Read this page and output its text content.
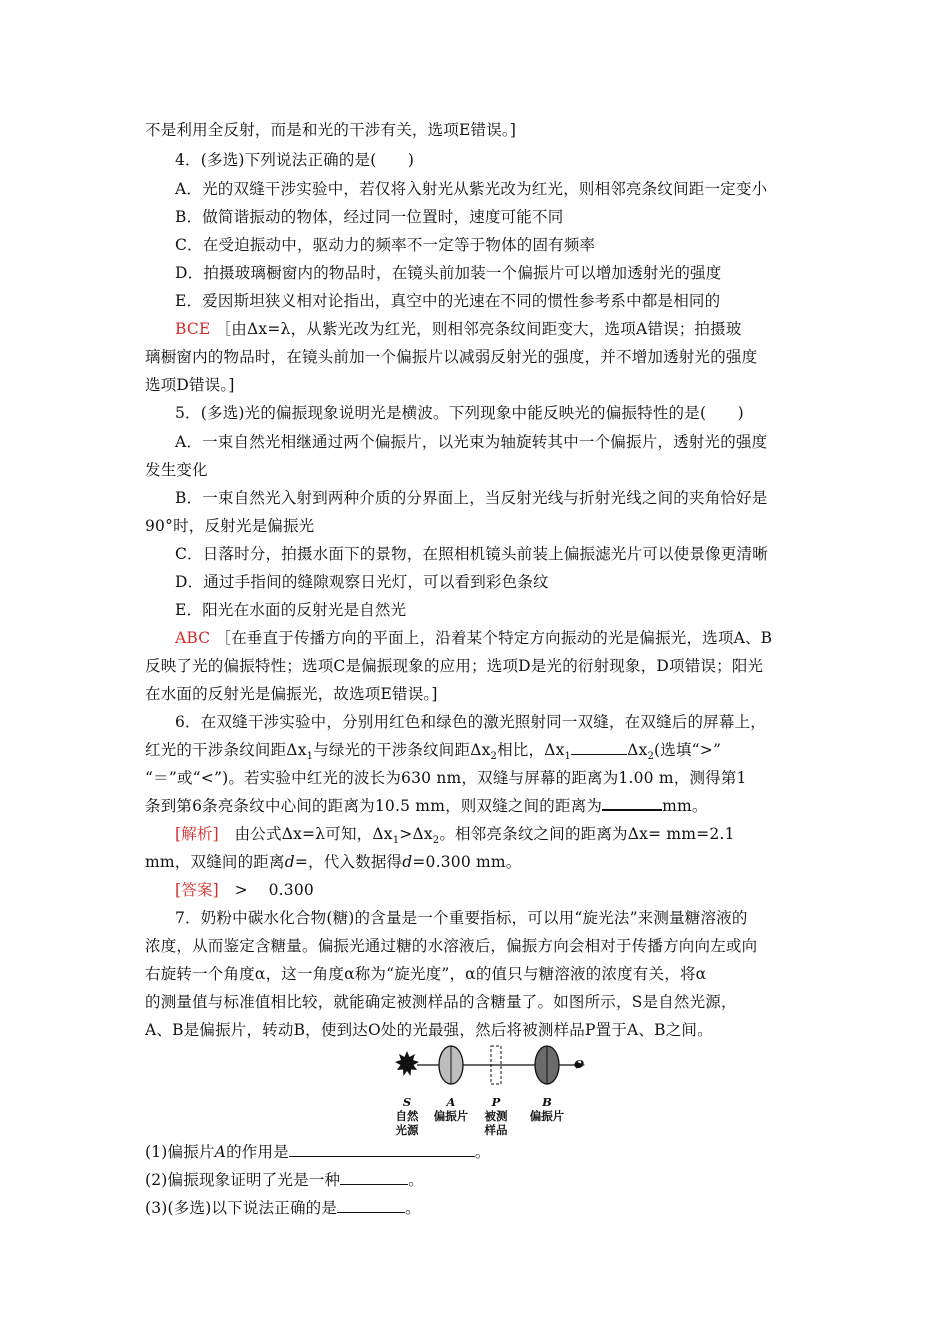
不是利用全反射，而是和光的干涉有关，选项E错误。]
4．(多选)下列说法正确的是(　　)
A．光的双缝干涉实验中，若仅将入射光从紫光改为红光，则相邻亮条纹间距一定变小
B．做简谐振动的物体，经过同一位置时，速度可能不同
C．在受迫振动中，驱动力的频率不一定等于物体的固有频率
D．拍摄玻璃橱窗内的物品时，在镜头前加装一个偏振片可以增加透射光的强度
E．爱因斯坦狭义相对论指出，真空中的光速在不同的惯性参考系中都是相同的
BCE ［由Δx=λ，从紫光改为红光，则相邻亮条纹间距变大，选项A错误；拍摄玻
璃橱窗内的物品时，在镜头前加一个偏振片以减弱反射光的强度，并不增加透射光的强度
选项D错误。]
5．(多选)光的偏振现象说明光是横波。下列现象中能反映光的偏振特性的是(　　)
A．一束自然光相继通过两个偏振片，以光束为轴旋转其中一个偏振片，透射光的强度
发生变化
B．一束自然光入射到两种介质的分界面上，当反射光线与折射光线之间的夹角恰好是
90°时，反射光是偏振光
C．日落时分，拍摄水面下的景物，在照相机镜头前装上偏振滤光片可以使景像更清晰
D．通过手指间的缝隙观察日光灯，可以看到彩色条纹
E．阳光在水面的反射光是自然光
ABC ［在垂直于传播方向的平面上，沿着某个特定方向振动的光是偏振光，选项A、B
反映了光的偏振特性；选项C是偏振现象的应用；选项D是光的衍射现象，D项错误；阳光
在水面的反射光是偏振光，故选项E错误。]
6．在双缝干涉实验中，分别用红色和绿色的激光照射同一双缝，在双缝后的屏幕上，
红光的干涉条纹间距$\Delta x_1$与绿光的干涉条纹间距$\Delta x_2$相比，$\Delta x_1$	$\Delta x_2$(选填“>”
“＝”或“<”)。若实验中红光的波长为630 nm，双缝与屏幕的距离为1.00 m，测得第1
条到第6条亮条纹中心间的距离为10.5 mm，则双缝之间的距离为	mm。
[解析]　 由公式Δx=λ可知，$\Delta x_1>\Delta x_2$。相邻亮条纹之间的距离为Δx= mm=2.1
mm，双缝间的距离d=，代入数据得d=0.300 mm。
[答案]　 > 　0.300
7．奶粉中碳水化合物(糖)的含量是一个重要指标，可以用“旋光法”来测量糖溶液的
浓度，从而鉴定含糖量。偏振光通过糖的水溶液后，偏振方向会相对于传播方向向左或向
右旋转一个角度α，这一角度α称为“旋光度”，α的值只与糖溶液的浓度有关，将α
的测量值与标准值相比较，就能确定被测样品的含糖量了。如图所示，S是自然光源，
A、B是偏振片，转动B，使到达O处的光最强，然后将被测样品P置于A、B之间。
S
自然
光源
A
偏振片
P
被测
样品
B
偏振片
O
(1)偏振片A的作用是	。
(2)偏振现象证明了光是一种	。
(3)(多选)以下说法正确的是	。
